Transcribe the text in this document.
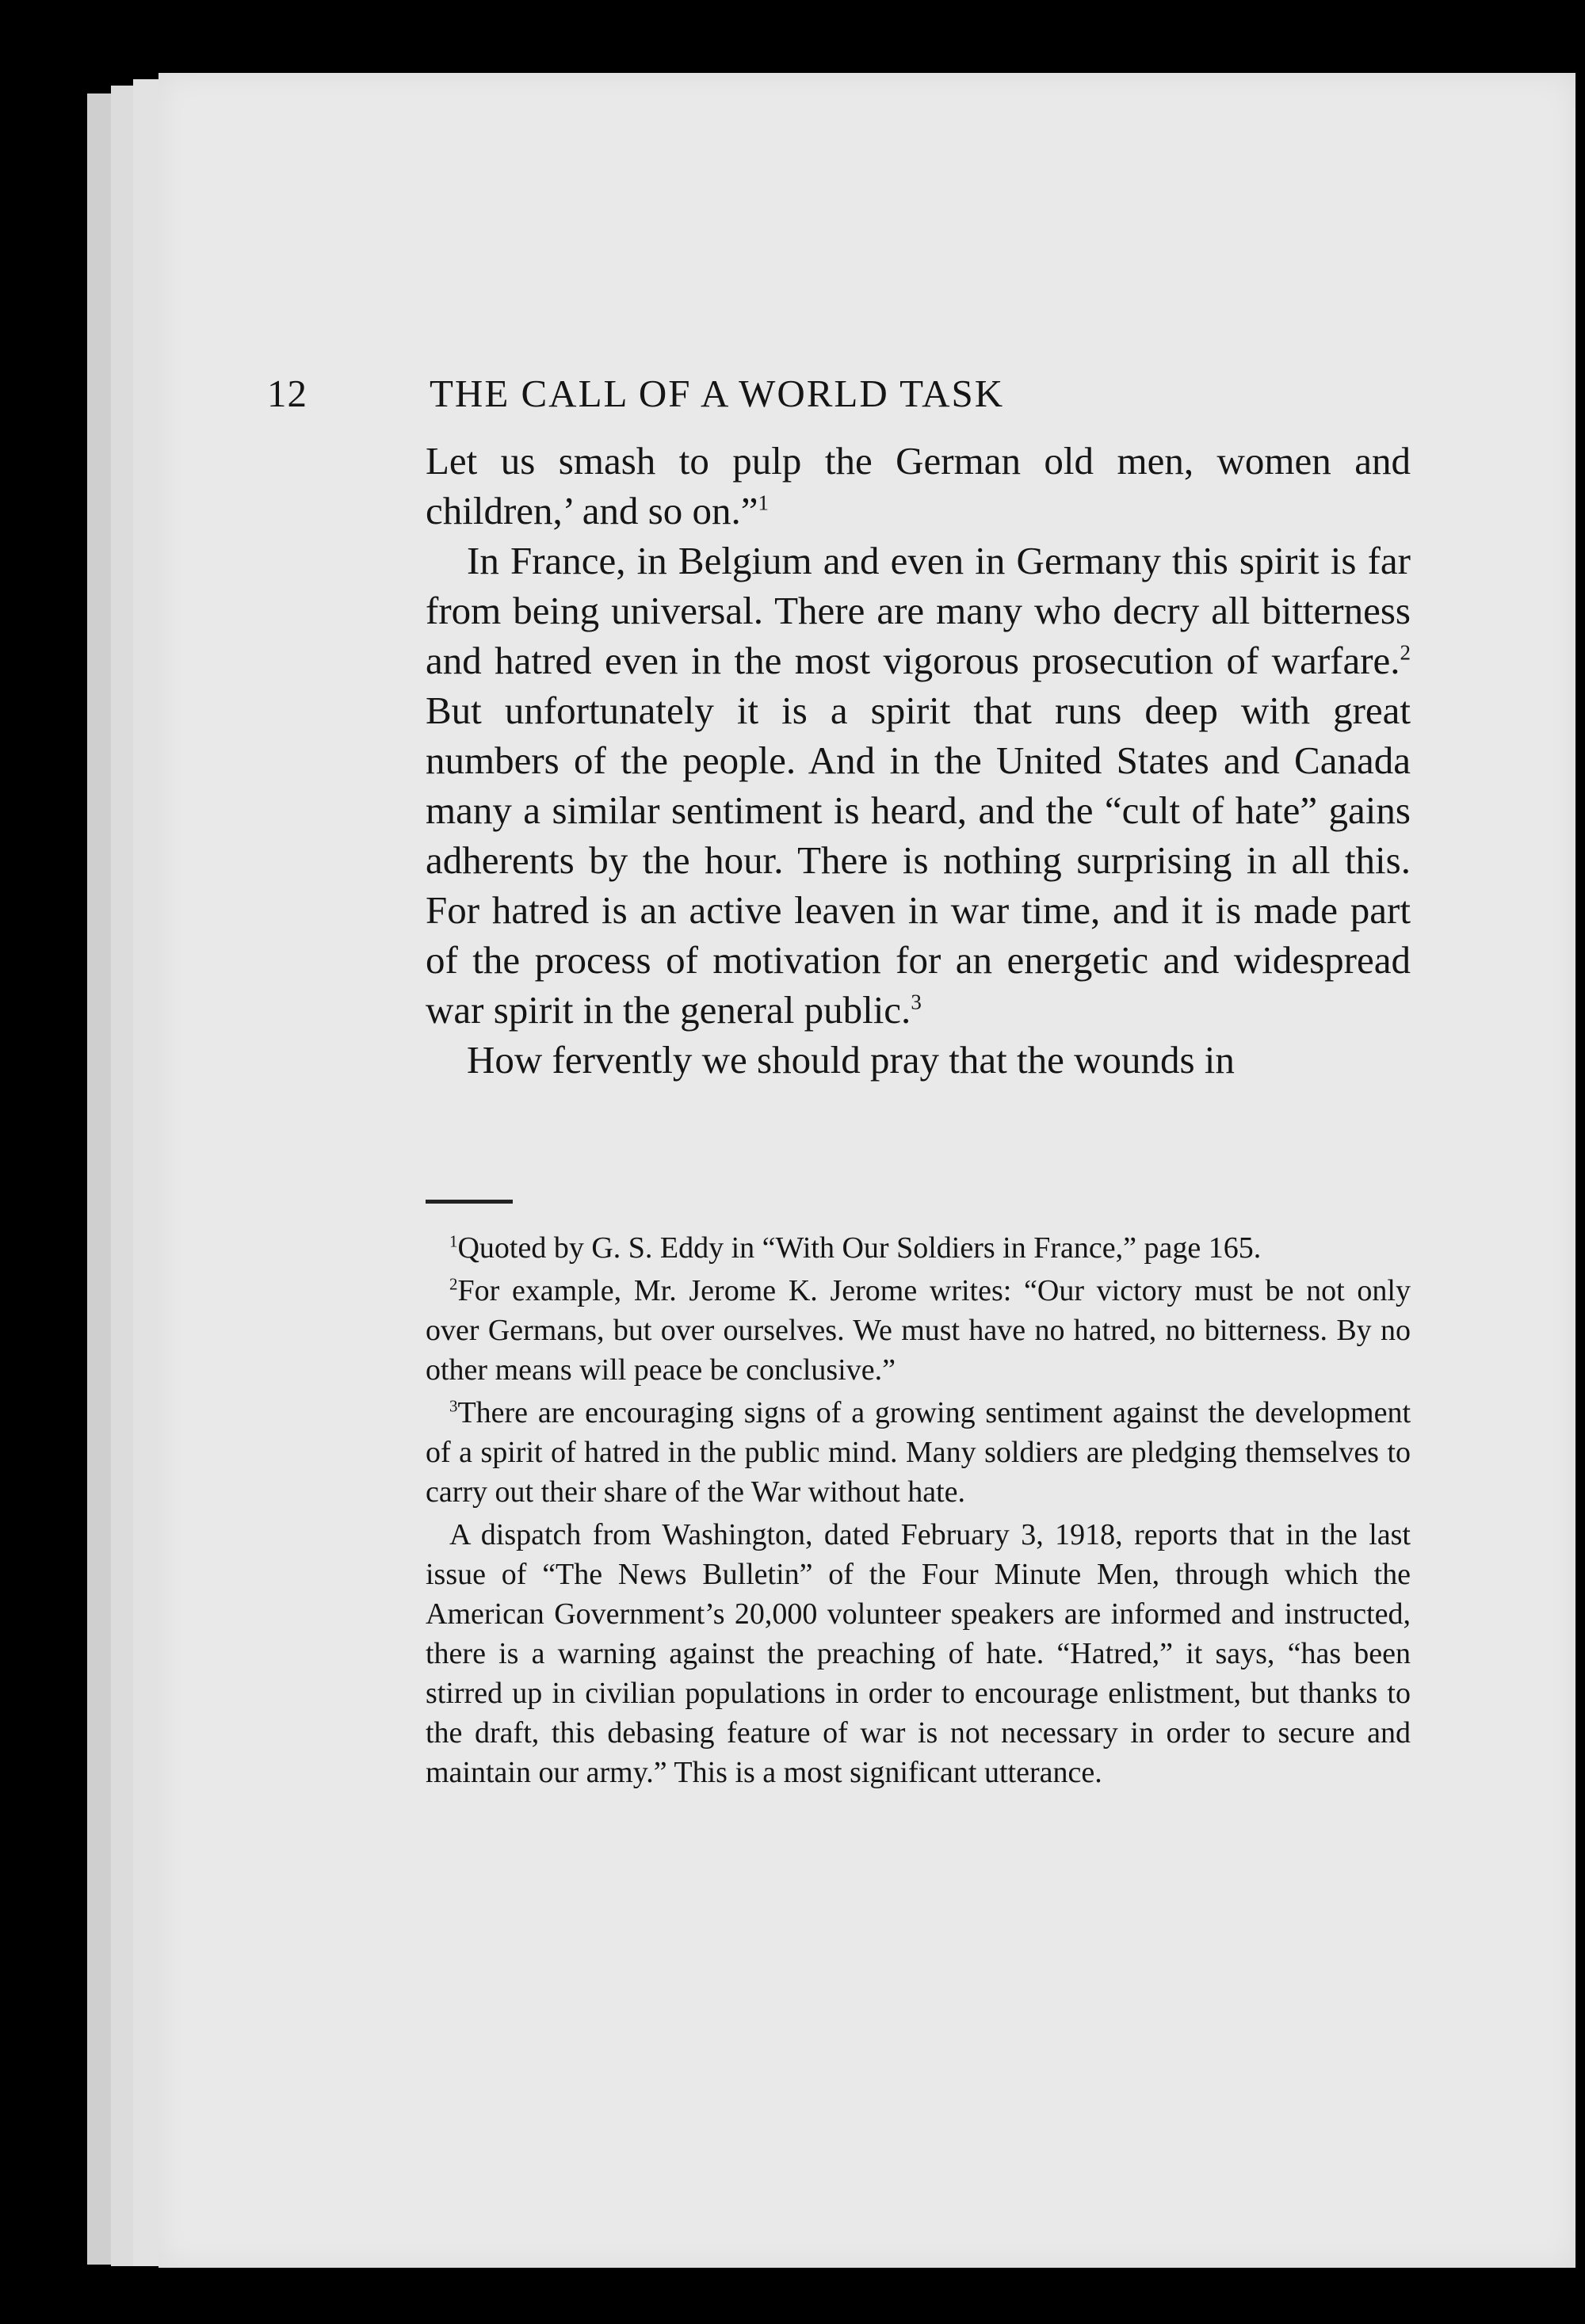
12	THE CALL OF A WORLD TASK

Let us smash to pulp the German old men, women and children,’ and so on.”$^1$

In France, in Belgium and even in Germany this spirit is far from being universal. There are many who decry all bitterness and hatred even in the most vigorous prosecution of warfare.$^2$ But unfortunately it is a spirit that runs deep with great numbers of the people. And in the United States and Canada many a similar sentiment is heard, and the “cult of hate” gains adherents by the hour. There is nothing surprising in all this. For hatred is an active leaven in war time, and it is made part of the process of motivation for an energetic and widespread war spirit in the general public.$^3$

How fervently we should pray that the wounds in

$^1$Quoted by G. S. Eddy in “With Our Soldiers in France,” page 165.

$^2$For example, Mr. Jerome K. Jerome writes: “Our victory must be not only over Germans, but over ourselves. We must have no hatred, no bitterness. By no other means will peace be conclusive.”

$^3$There are encouraging signs of a growing sentiment against the development of a spirit of hatred in the public mind. Many soldiers are pledging themselves to carry out their share of the War without hate.

A dispatch from Washington, dated February 3, 1918, reports that in the last issue of “The News Bulletin” of the Four Minute Men, through which the American Government’s 20,000 volunteer speakers are informed and instructed, there is a warning against the preaching of hate. “Hatred,” it says, “has been stirred up in civilian populations in order to encourage enlistment, but thanks to the draft, this debasing feature of war is not necessary in order to secure and maintain our army.” This is a most significant utterance.
